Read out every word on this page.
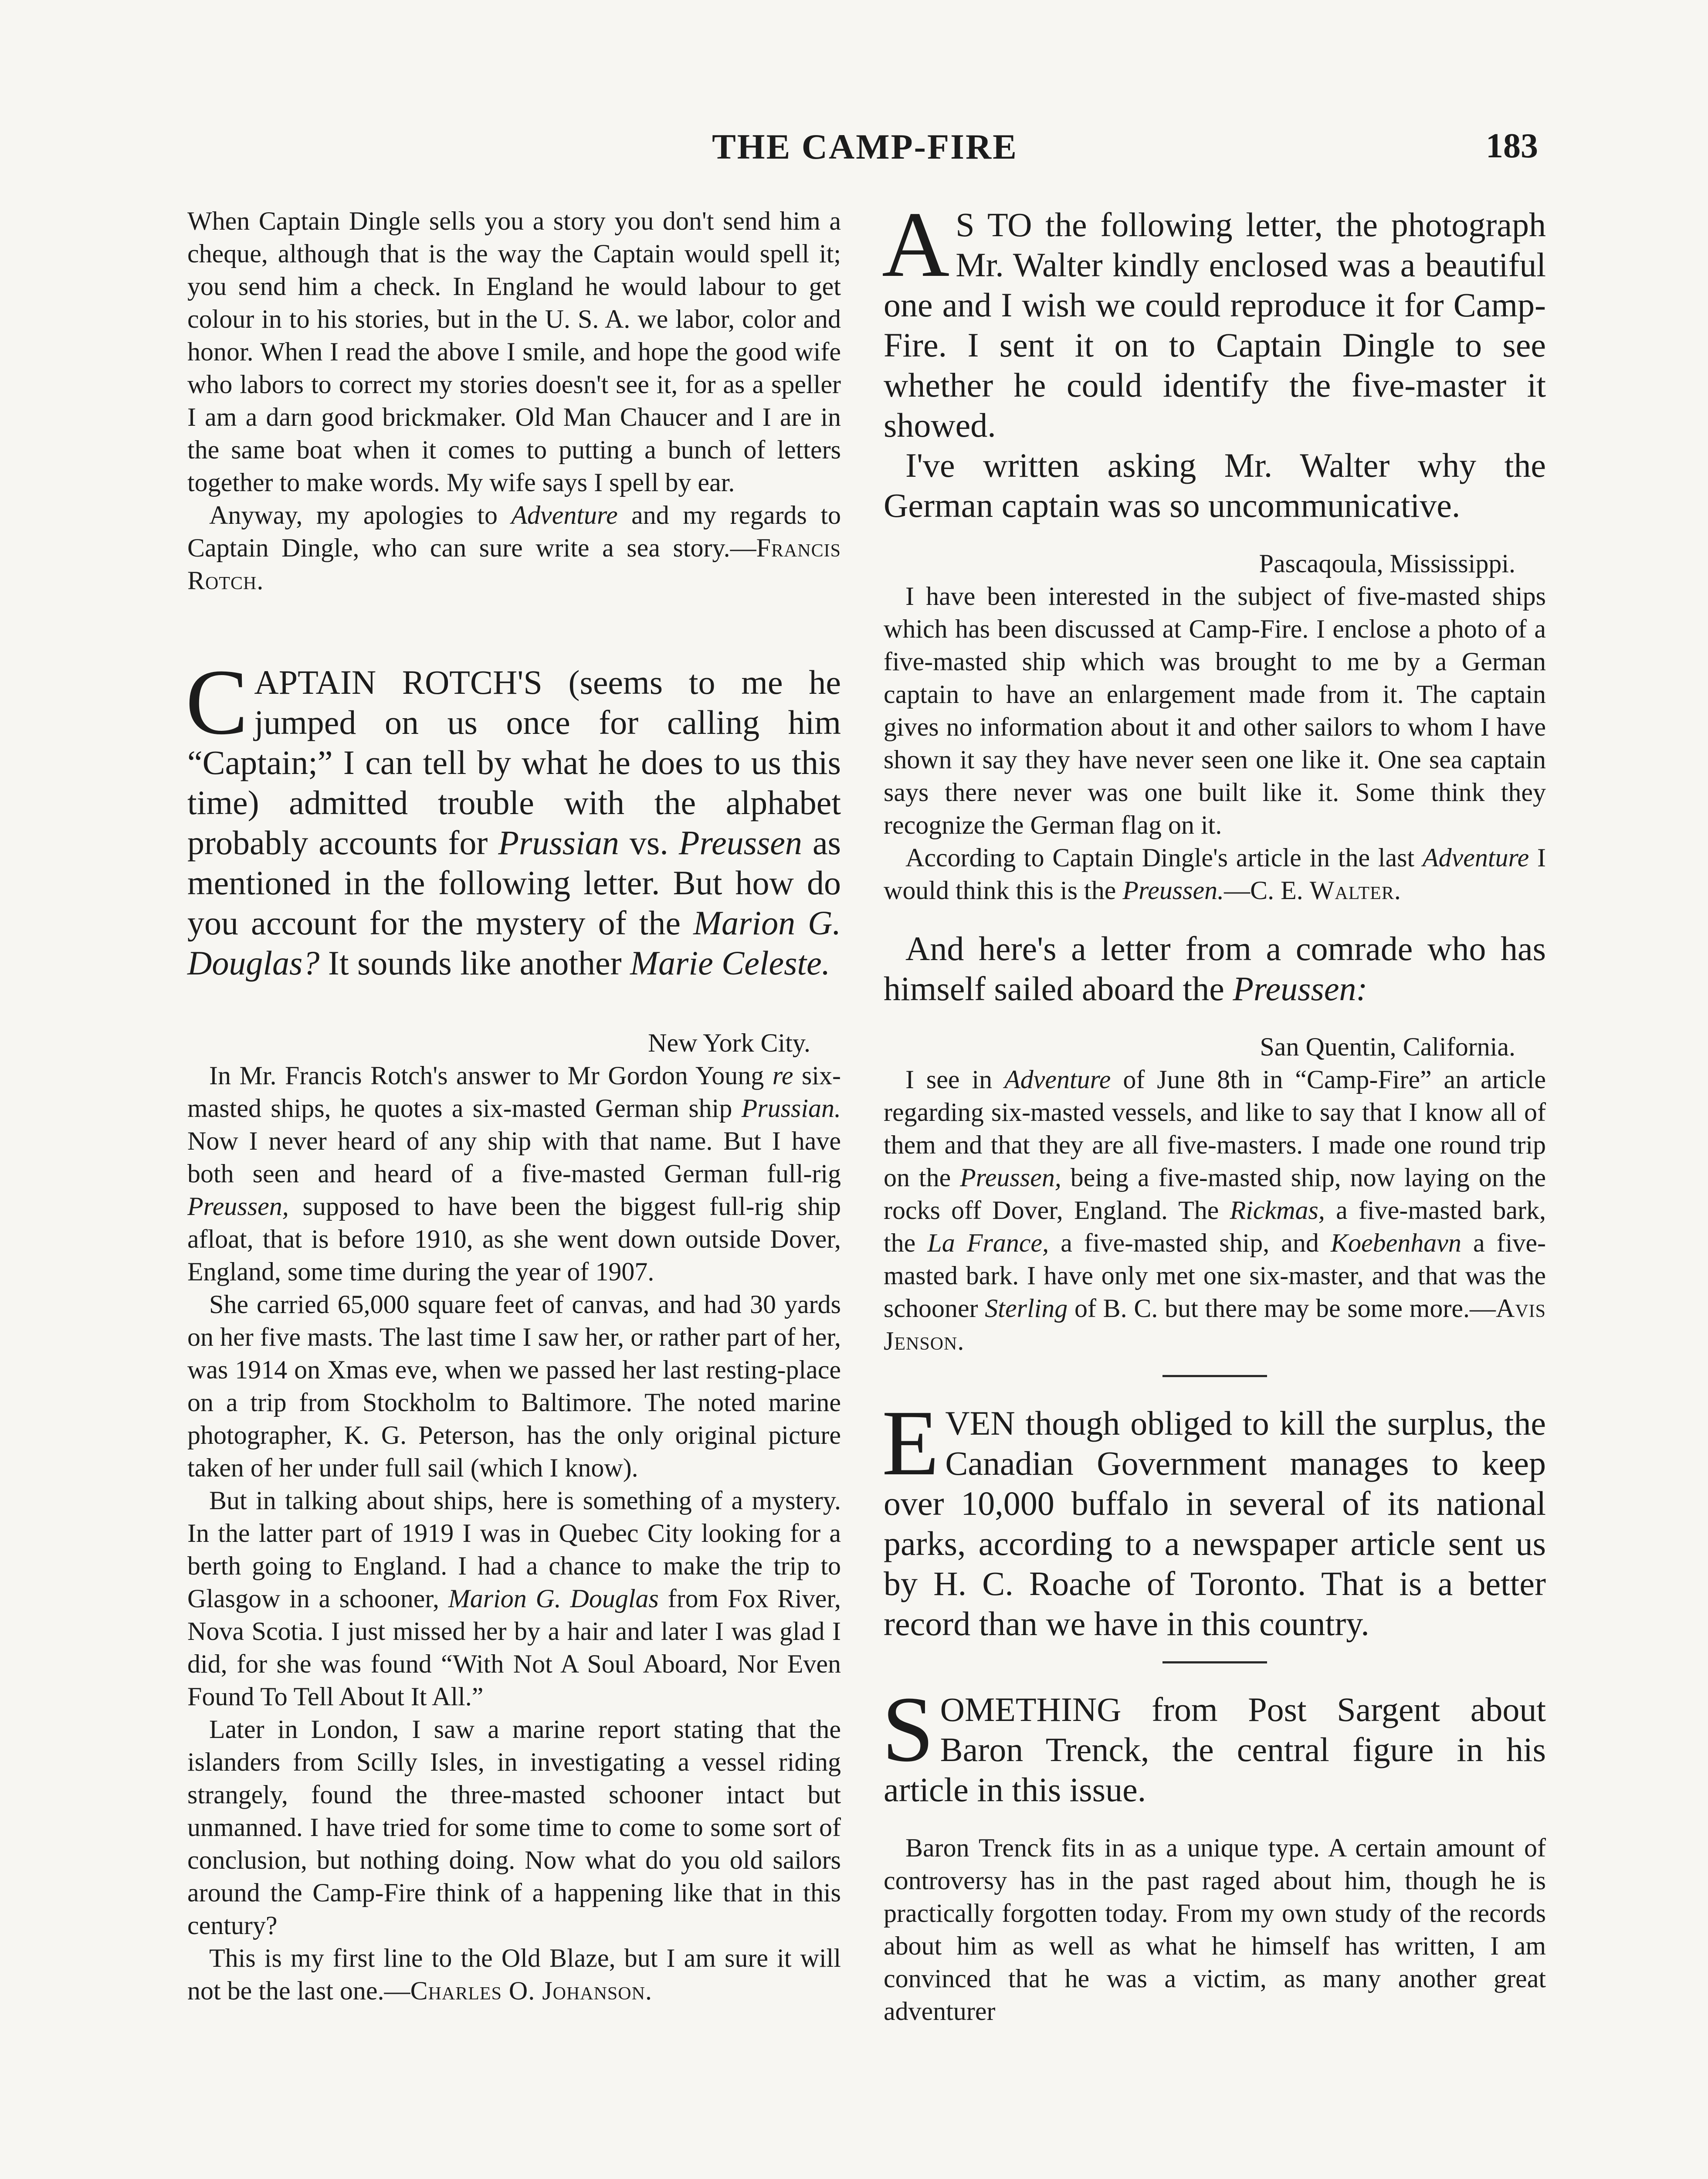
THE CAMP-FIRE	183

When Captain Dingle sells you a story you don't send him a cheque, although that is the way the Captain would spell it; you send him a check. In England he would labour to get colour in to his stories, but in the U. S. A. we labor, color and honor. When I read the above I smile, and hope the good wife who labors to correct my stories doesn't see it, for as a speller I am a darn good brickmaker. Old Man Chaucer and I are in the same boat when it comes to putting a bunch of letters together to make words. My wife says I spell by ear.

Anyway, my apologies to Adventure and my regards to Captain Dingle, who can sure write a sea story.—Francis Rotch.

CAPTAIN ROTCH'S (seems to me he jumped on us once for calling him “Captain;” I can tell by what he does to us this time) admitted trouble with the alphabet probably accounts for Prussian vs. Preussen as mentioned in the following letter. But how do you account for the mystery of the Marion G. Douglas? It sounds like another Marie Celeste.

New York City.

In Mr. Francis Rotch's answer to Mr Gordon Young re six-masted ships, he quotes a six-masted German ship Prussian. Now I never heard of any ship with that name. But I have both seen and heard of a five-masted German full-rig Preussen, supposed to have been the biggest full-rig ship afloat, that is before 1910, as she went down outside Dover, England, some time during the year of 1907.

She carried 65,000 square feet of canvas, and had 30 yards on her five masts. The last time I saw her, or rather part of her, was 1914 on Xmas eve, when we passed her last resting-place on a trip from Stockholm to Baltimore. The noted marine photographer, K. G. Peterson, has the only original picture taken of her under full sail (which I know).

But in talking about ships, here is something of a mystery. In the latter part of 1919 I was in Quebec City looking for a berth going to England. I had a chance to make the trip to Glasgow in a schooner, Marion G. Douglas from Fox River, Nova Scotia. I just missed her by a hair and later I was glad I did, for she was found “With Not A Soul Aboard, Nor Even Found To Tell About It All.”

Later in London, I saw a marine report stating that the islanders from Scilly Isles, in investigating a vessel riding strangely, found the three-masted schooner intact but unmanned. I have tried for some time to come to some sort of conclusion, but nothing doing. Now what do you old sailors around the Camp-Fire think of a happening like that in this century?

This is my first line to the Old Blaze, but I am sure it will not be the last one.—Charles O. Johanson.

A S TO the following letter, the photograph Mr. Walter kindly enclosed was a beautiful one and I wish we could reproduce it for Camp-Fire. I sent it on to Captain Dingle to see whether he could identify the five-master it showed.

I've written asking Mr. Walter why the German captain was so uncommunicative.

Pascaqoula, Mississippi.

I have been interested in the subject of five-masted ships which has been discussed at Camp-Fire. I enclose a photo of a five-masted ship which was brought to me by a German captain to have an enlargement made from it. The captain gives no information about it and other sailors to whom I have shown it say they have never seen one like it. One sea captain says there never was one built like it. Some think they recognize the German flag on it.

According to Captain Dingle's article in the last Adventure I would think this is the Preussen.—C. E. Walter.

And here's a letter from a comrade who has himself sailed aboard the Preussen:

San Quentin, California.

I see in Adventure of June 8th in “Camp-Fire” an article regarding six-masted vessels, and like to say that I know all of them and that they are all five-masters. I made one round trip on the Preussen, being a five-masted ship, now laying on the rocks off Dover, England. The Rickmas, a five-masted bark, the La France, a five-masted ship, and Koebenhavn a five-masted bark. I have only met one six-master, and that was the schooner Sterling of B. C. but there may be some more.—Avis Jenson.

EVEN though obliged to kill the surplus, the Canadian Government manages to keep over 10,000 buffalo in several of its national parks, according to a newspaper article sent us by H. C. Roache of Toronto. That is a better record than we have in this country.

SOMETHING from Post Sargent about Baron Trenck, the central figure in his article in this issue.

Baron Trenck fits in as a unique type. A certain amount of controversy has in the past raged about him, though he is practically forgotten today. From my own study of the records about him as well as what he himself has written, I am convinced that he was a victim, as many another great adventurer
